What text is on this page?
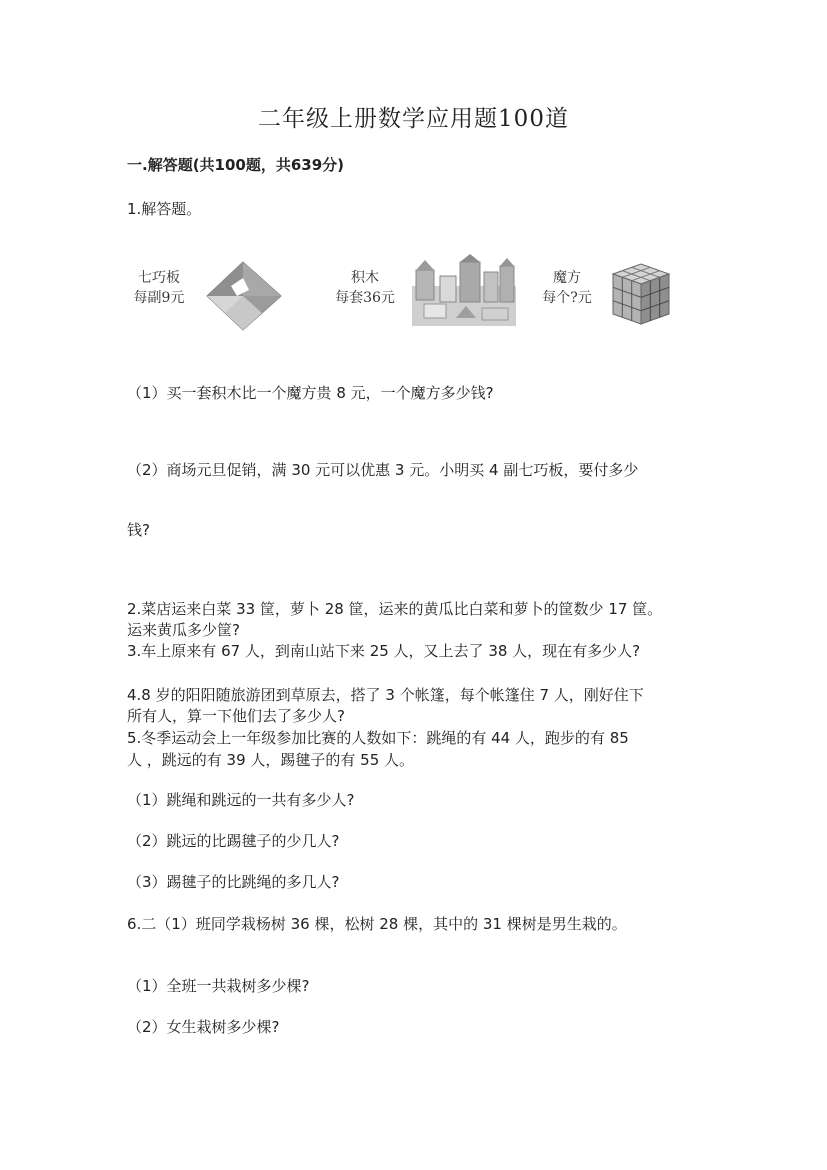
二年级上册数学应用题100道
一.解答题(共100题，共639分)
1.解答题。
七巧板
每副9元
积木
每套36元
魔方
每个?元
（1）买一套积木比一个魔方贵 8 元，一个魔方多少钱?
（2）商场元旦促销，满 30 元可以优惠 3 元。小明买 4 副七巧板，要付多少
钱?
2.菜店运来白菜 33 筐，萝卜 28 筐，运来的黄瓜比白菜和萝卜的筐数少 17 筐。
运来黄瓜多少筐?
3.车上原来有 67 人，到南山站下来 25 人，又上去了 38 人，现在有多少人?
4.8 岁的阳阳随旅游团到草原去，搭了 3 个帐篷，每个帐篷住 7 人，刚好住下
所有人，算一下他们去了多少人?
5.冬季运动会上一年级参加比赛的人数如下：跳绳的有 44 人，跑步的有 85
人 ，跳远的有 39 人，踢毽子的有 55 人。
（1）跳绳和跳远的一共有多少人?
（2）跳远的比踢毽子的少几人?
（3）踢毽子的比跳绳的多几人?
6.二（1）班同学栽杨树 36 棵，松树 28 棵，其中的 31 棵树是男生栽的。
（1）全班一共栽树多少棵?
（2）女生栽树多少棵?
